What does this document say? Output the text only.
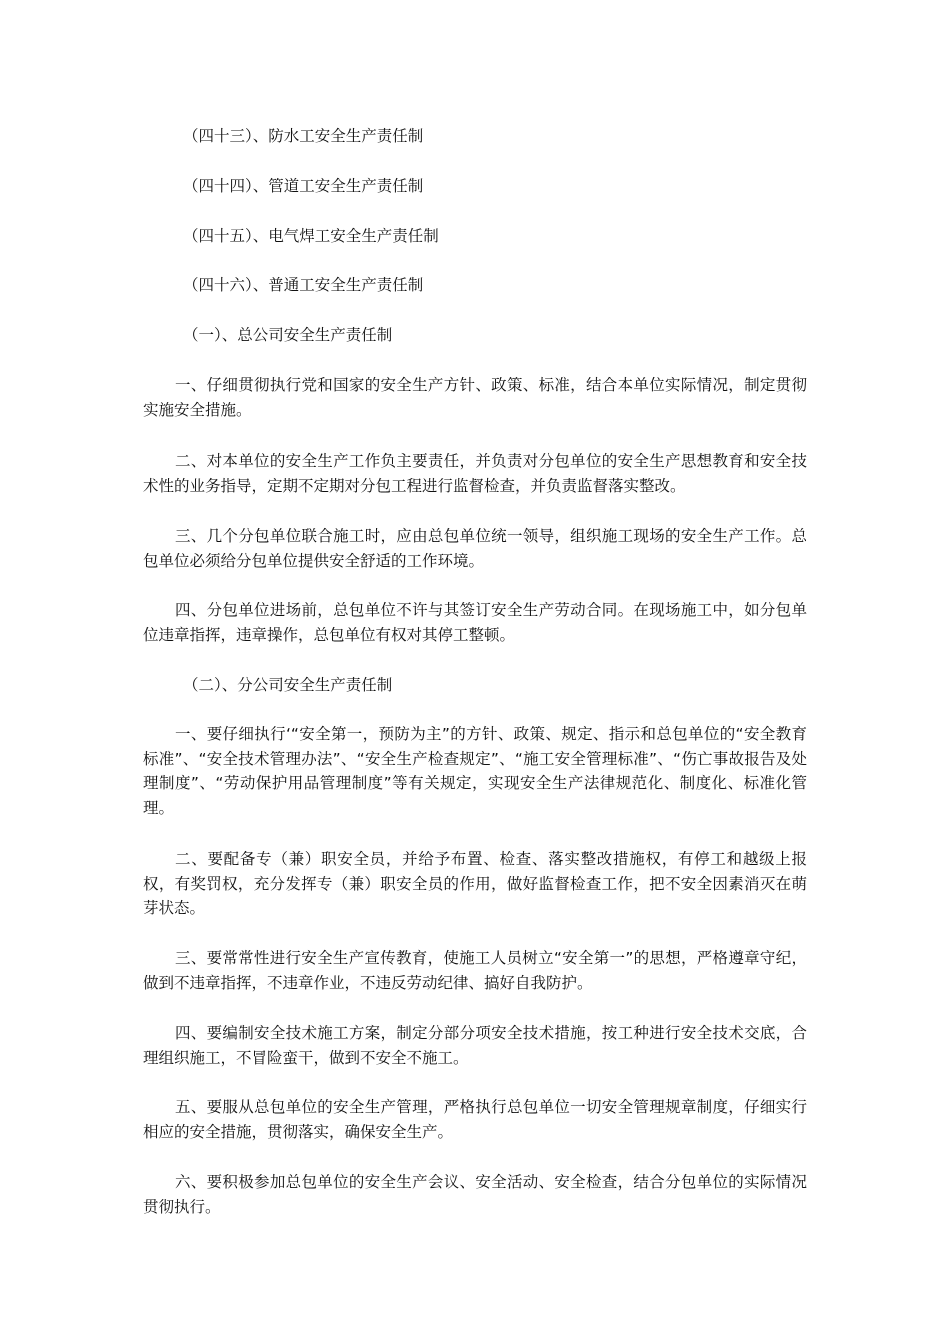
（四十三）、防水工安全生产责任制
（四十四）、管道工安全生产责任制
（四十五）、电气焊工安全生产责任制
（四十六）、普通工安全生产责任制
（一）、总公司安全生产责任制

一、仔细贯彻执行党和国家的安全生产方针、政策、标准，结合本单位实际情况，制定贯彻实施安全措施。

二、对本单位的安全生产工作负主要责任，并负责对分包单位的安全生产思想教育和安全技术性的业务指导，定期不定期对分包工程进行监督检查，并负责监督落实整改。

三、几个分包单位联合施工时，应由总包单位统一领导，组织施工现场的安全生产工作。总包单位必须给分包单位提供安全舒适的工作环境。

四、分包单位进场前，总包单位不许与其签订安全生产劳动合同。在现场施工中，如分包单位违章指挥，违章操作，总包单位有权对其停工整顿。

（二）、分公司安全生产责任制

一、要仔细执行‘“安全第一，预防为主”的方针、政策、规定、指示和总包单位的“安全教育标准”、“安全技术管理办法”、“安全生产检查规定”、“施工安全管理标准”、“伤亡事故报告及处理制度”、“劳动保护用品管理制度”等有关规定，实现安全生产法律规范化、制度化、标准化管理。

二、要配备专（兼）职安全员，并给予布置、检查、落实整改措施权，有停工和越级上报权，有奖罚权，充分发挥专（兼）职安全员的作用，做好监督检查工作，把不安全因素消灭在萌芽状态。

三、要常常性进行安全生产宣传教育，使施工人员树立“安全第一”的思想，严格遵章守纪，做到不违章指挥，不违章作业，不违反劳动纪律、搞好自我防护。

四、要编制安全技术施工方案，制定分部分项安全技术措施，按工种进行安全技术交底，合理组织施工，不冒险蛮干，做到不安全不施工。

五、要服从总包单位的安全生产管理，严格执行总包单位一切安全管理规章制度，仔细实行相应的安全措施，贯彻落实，确保安全生产。

六、要积极参加总包单位的安全生产会议、安全活动、安全检查，结合分包单位的实际情况贯彻执行。
